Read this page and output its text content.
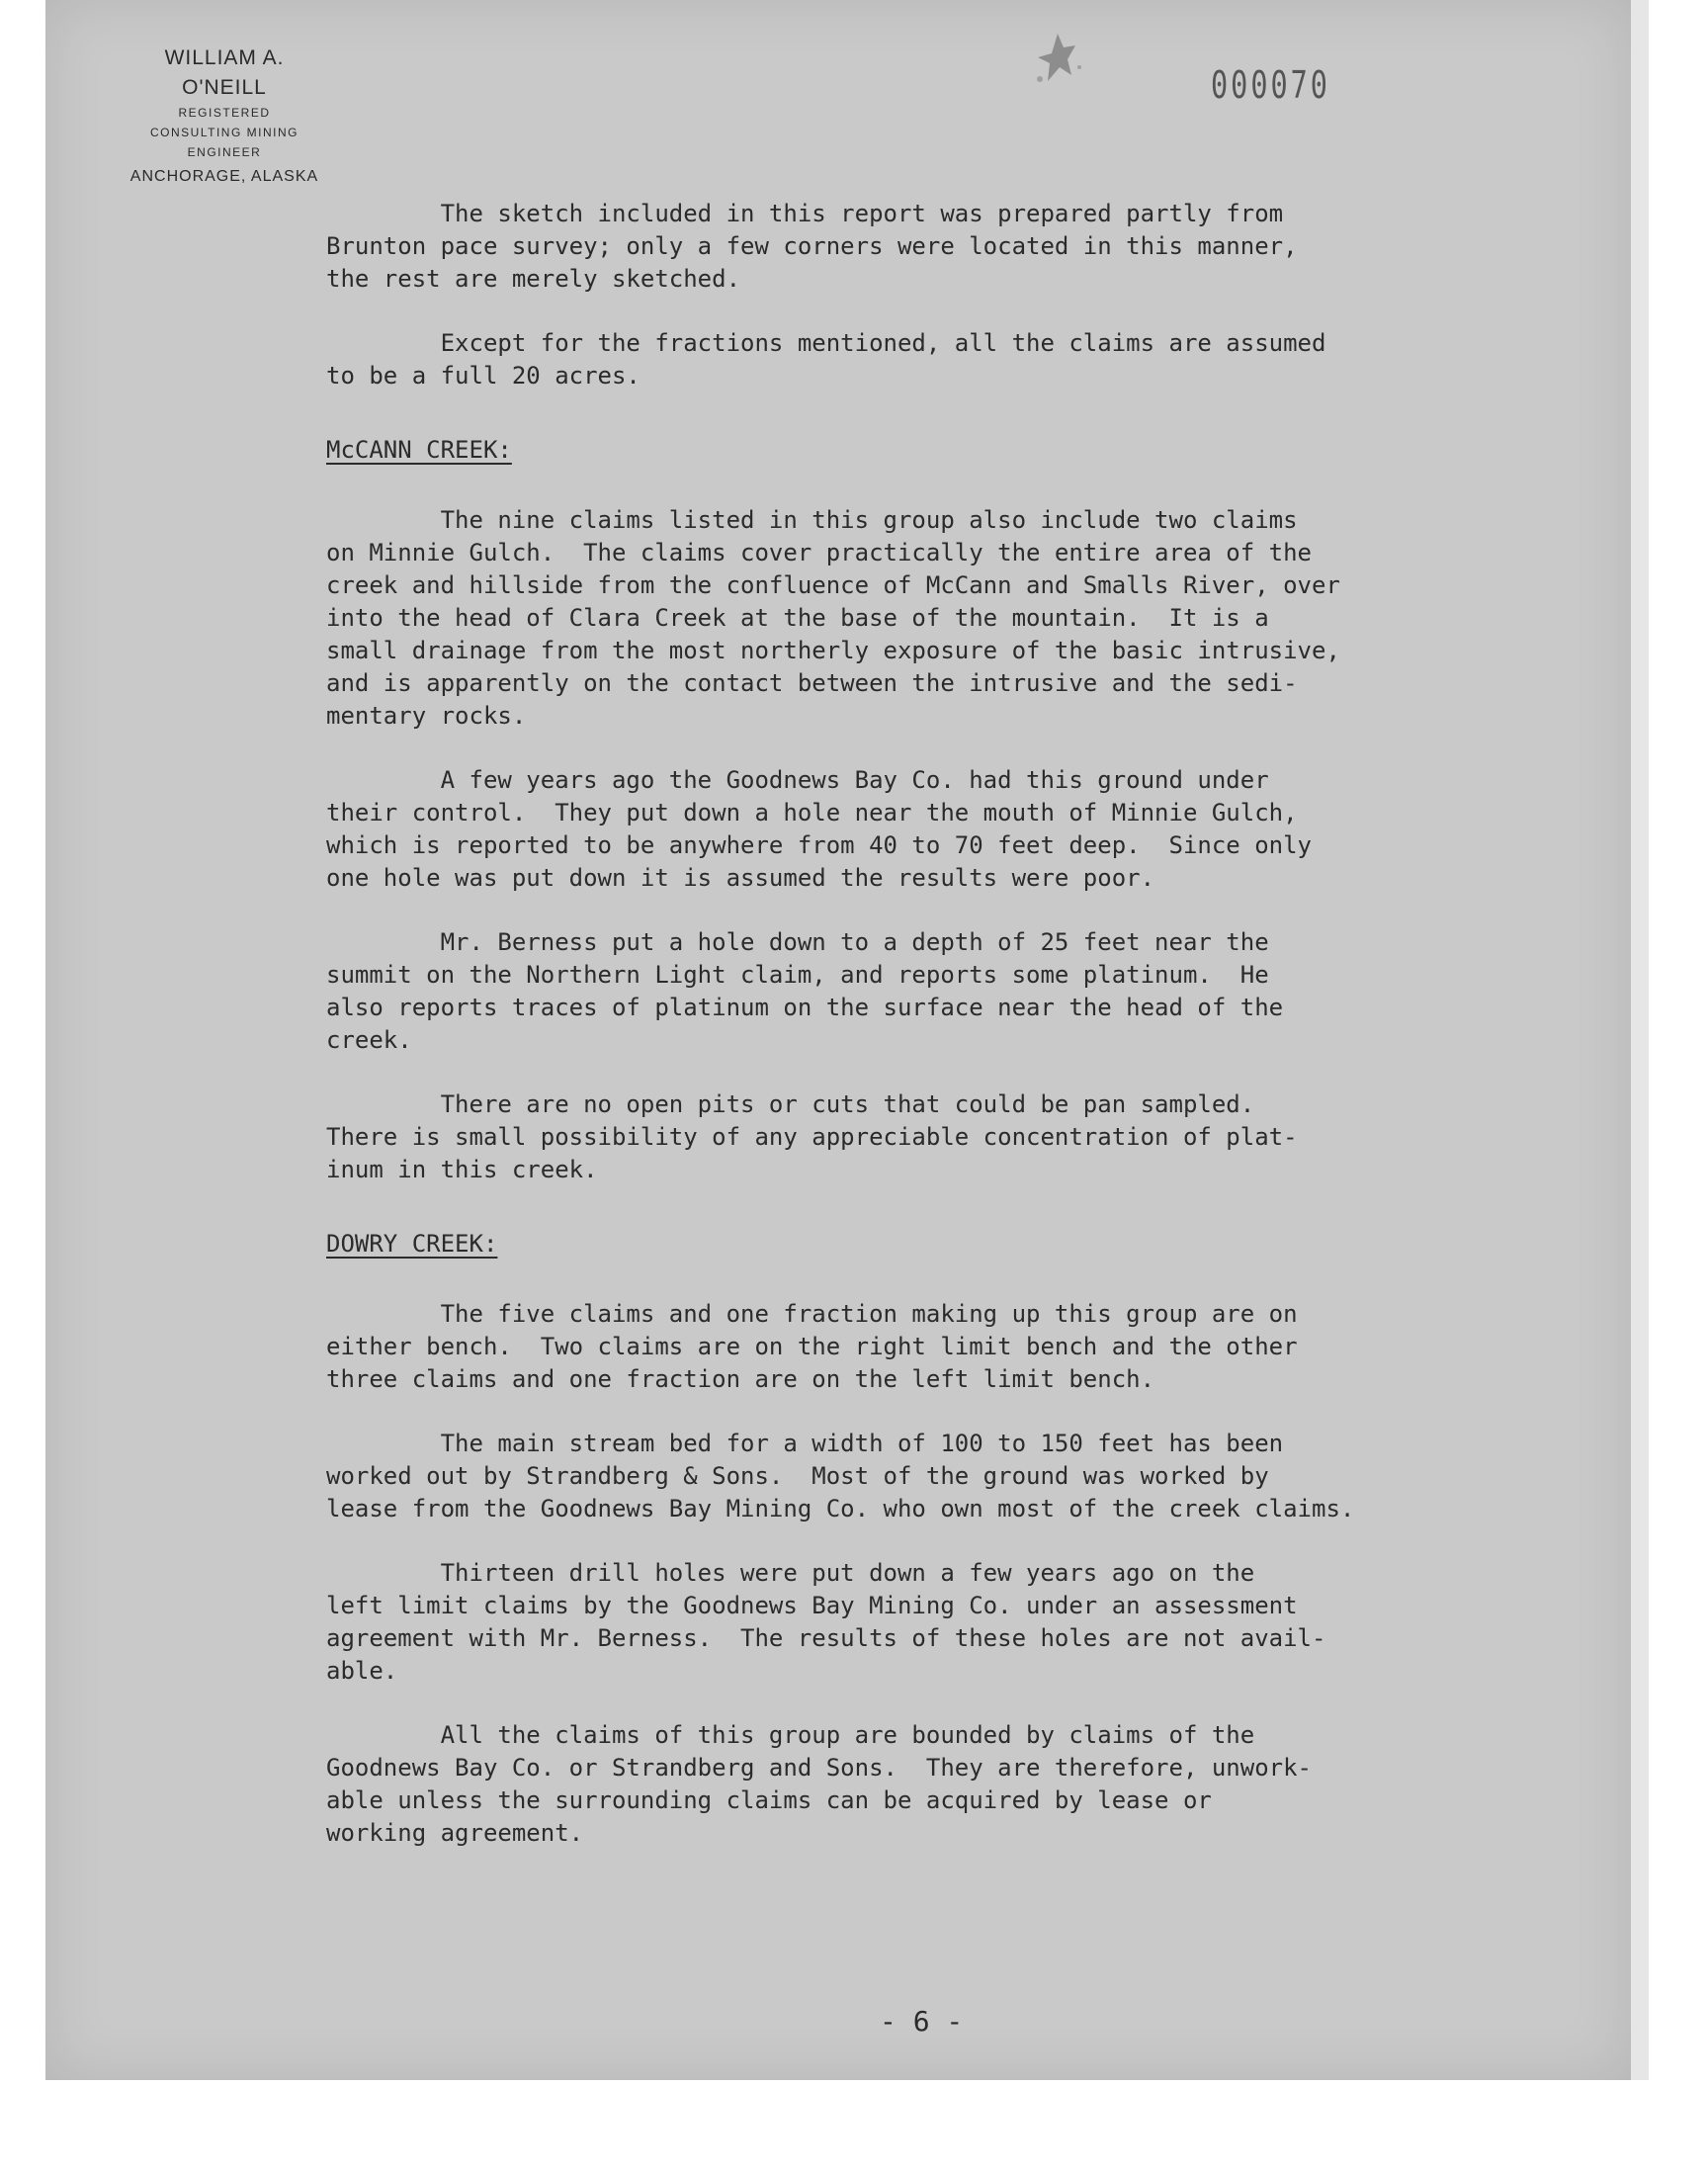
WILLIAM A. O'NEILL
REGISTERED
CONSULTING MINING ENGINEER
ANCHORAGE, ALASKA
000070
The sketch included in this report was prepared partly from
Brunton pace survey; only a few corners were located in this manner,
the rest are merely sketched.
Except for the fractions mentioned, all the claims are assumed
to be a full 20 acres.
McCANN CREEK:
The nine claims listed in this group also include two claims
on Minnie Gulch.  The claims cover practically the entire area of the
creek and hillside from the confluence of McCann and Smalls River, over
into the head of Clara Creek at the base of the mountain.  It is a
small drainage from the most northerly exposure of the basic intrusive,
and is apparently on the contact between the intrusive and the sedi-
mentary rocks.
A few years ago the Goodnews Bay Co. had this ground under
their control.  They put down a hole near the mouth of Minnie Gulch,
which is reported to be anywhere from 40 to 70 feet deep.  Since only
one hole was put down it is assumed the results were poor.
Mr. Berness put a hole down to a depth of 25 feet near the
summit on the Northern Light claim, and reports some platinum.  He
also reports traces of platinum on the surface near the head of the
creek.
There are no open pits or cuts that could be pan sampled.
There is small possibility of any appreciable concentration of plat-
inum in this creek.
DOWRY CREEK:
The five claims and one fraction making up this group are on
either bench.  Two claims are on the right limit bench and the other
three claims and one fraction are on the left limit bench.
The main stream bed for a width of 100 to 150 feet has been
worked out by Strandberg & Sons.  Most of the ground was worked by
lease from the Goodnews Bay Mining Co. who own most of the creek claims.
Thirteen drill holes were put down a few years ago on the
left limit claims by the Goodnews Bay Mining Co. under an assessment
agreement with Mr. Berness.  The results of these holes are not avail-
able.
All the claims of this group are bounded by claims of the
Goodnews Bay Co. or Strandberg and Sons.  They are therefore, unwork-
able unless the surrounding claims can be acquired by lease or
working agreement.
- 6 -
